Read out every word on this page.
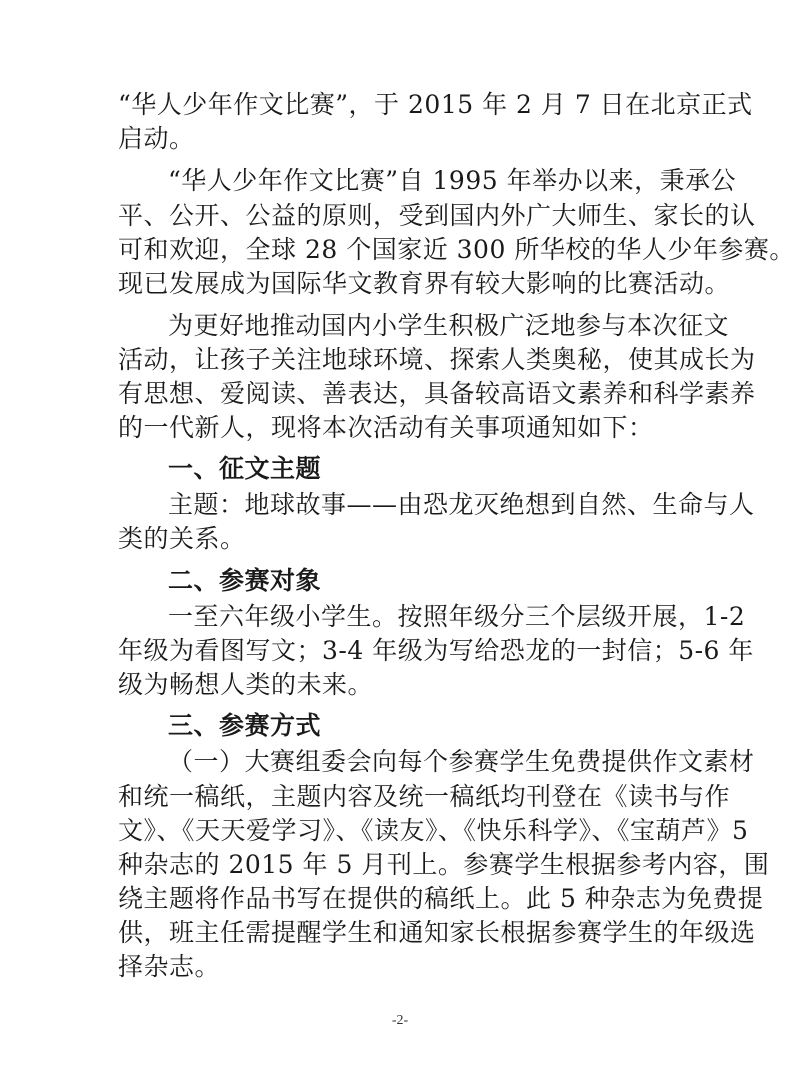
“华人少年作文比赛”，于 2015 年 2 月 7 日在北京正式
启动。
“华人少年作文比赛”自 1995 年举办以来，秉承公
平、公开、公益的原则，受到国内外广大师生、家长的认
可和欢迎，全球 28 个国家近 300 所华校的华人少年参赛。
现已发展成为国际华文教育界有较大影响的比赛活动。
为更好地推动国内小学生积极广泛地参与本次征文
活动，让孩子关注地球环境、探索人类奥秘，使其成长为
有思想、爱阅读、善表达，具备较高语文素养和科学素养
的一代新人，现将本次活动有关事项通知如下：
一、征文主题
主题：地球故事——由恐龙灭绝想到自然、生命与人
类的关系。
二、参赛对象
一至六年级小学生。按照年级分三个层级开展，1-2
年级为看图写文；3-4 年级为写给恐龙的一封信；5-6 年
级为畅想人类的未来。
三、参赛方式
（一）大赛组委会向每个参赛学生免费提供作文素材
和统一稿纸，主题内容及统一稿纸均刊登在《读书与作
文》、《天天爱学习》、《读友》、《快乐科学》、《宝葫芦》5
种杂志的 2015 年 5 月刊上。参赛学生根据参考内容，围
绕主题将作品书写在提供的稿纸上。此 5 种杂志为免费提
供，班主任需提醒学生和通知家长根据参赛学生的年级选
择杂志。
-2-
